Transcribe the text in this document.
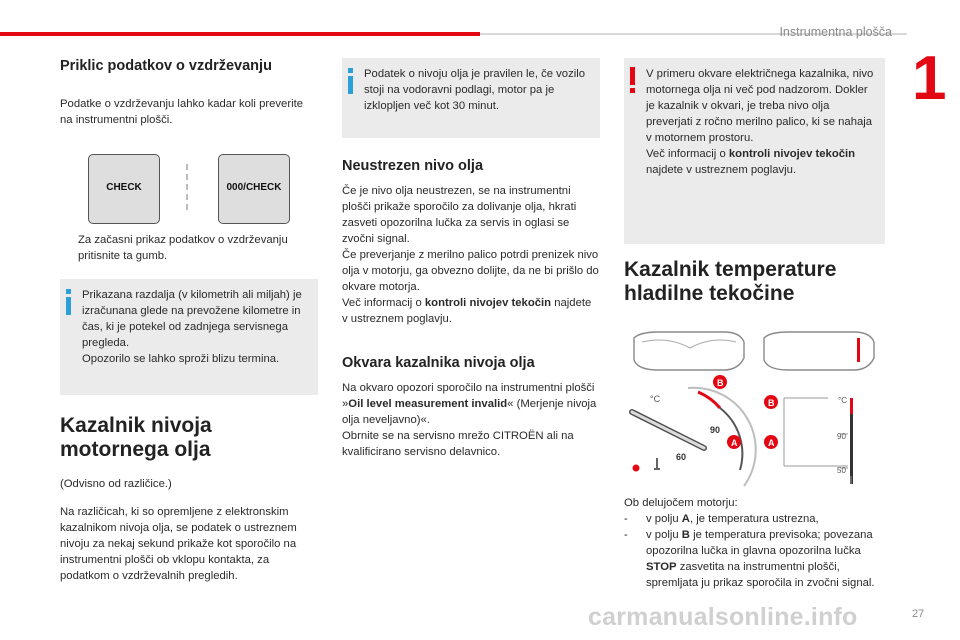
Instrumentna plošča
1
27
carmanualsonline.info
Priklic podatkov o vzdrževanju

Podatke o vzdrževanju lahko kadar koli preverite na instrumentni plošči.

CHECK	000/CHECK
Za začasni prikaz podatkov o vzdrževanju pritisnite ta gumb.
Prikazana razdalja (v kilometrih ali miljah) je izračunana glede na prevožene kilometre in čas, ki je potekel od zadnjega servisnega pregleda.
Opozorilo se lahko sproži blizu termina.
Kazalnik nivoja motornega olja

(Odvisno od različice.)

Na različicah, ki so opremljene z elektronskim kazalnikom nivoja olja, se podatek o ustreznem nivoju za nekaj sekund prikaže kot sporočilo na instrumentni plošči ob vklopu kontakta, za podatkom o vzdrževalnih pregledih.

Podatek o nivoju olja je pravilen le, če vozilo stoji na vodoravni podlagi, motor pa je izklopljen več kot 30 minut.
Neustrezen nivo olja
Če je nivo olja neustrezen, se na instrumentni plošči prikaže sporočilo za dolivanje olja, hkrati zasveti opozorilna lučka za servis in oglasi se zvočni signal.
Če preverjanje z merilno palico potrdi prenizek nivo olja v motorju, ga obvezno dolijte, da ne bi prišlo do okvare motorja.
Več informacij o kontroli nivojev tekočin najdete v ustreznem poglavju.
Okvara kazalnika nivoja olja
Na okvaro opozori sporočilo na instrumentni plošči »Oil level measurement invalid« (Merjenje nivoja olja neveljavno)«.
Obrnite se na servisno mrežo CITROËN ali na kvalificirano servisno delavnico.
V primeru okvare električnega kazalnika, nivo motornega olja ni več pod nadzorom. Dokler je kazalnik v okvari, je treba nivo olja preverjati z ročno merilno palico, ki se nahaja v motornem prostoru.
Več informacij o kontroli nivojev tekočin najdete v ustreznem poglavju.
Kazalnik temperature hladilne tekočine
°C
90
60
B
A
°C
90
50
B
A
Ob delujočem motorju:
- v polju A, je temperatura ustrezna,
- v polju B je temperatura previsoka; povezana opozorilna lučka in glavna opozorilna lučka STOP zasvetita na instrumentni plošči, spremljata ju prikaz sporočila in zvočni signal.
